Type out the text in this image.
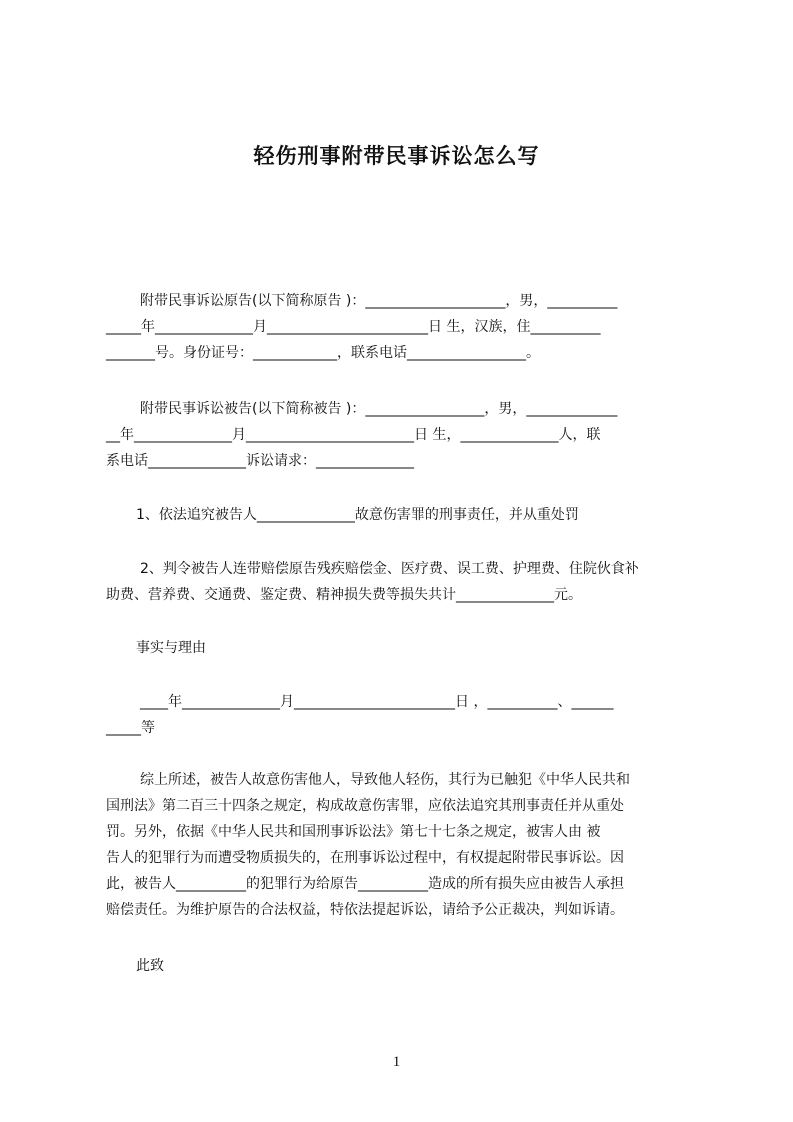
轻伤刑事附带民事诉讼怎么写
附带民事诉讼原告(以下简称原告 )：____________________，男，__________
_____年______________月_______________________日 生，汉族，住__________
_______号。身份证号：____________，联系电话_________________。
附带民事诉讼被告(以下简称被告 )：_________________，男，_____________
__年______________月________________________日 生，______________人，联
系电话______________诉讼请求：______________
1、依法追究被告人______________故意伤害罪的刑事责任，并从重处罚
2、判令被告人连带赔偿原告残疾赔偿金、医疗费、误工费、护理费、住院伙食补
助费、营养费、交通费、鉴定费、精神损失费等损失共计______________元。
事实与理由
____年______________月_______________________日 ，__________、______
_____等
综上所述，被告人故意伤害他人，导致他人轻伤，其行为已触犯《中华人民共和
国刑法》第二百三十四条之规定，构成故意伤害罪，应依法追究其刑事责任并从重处
罚。另外，依据《中华人民共和国刑事诉讼法》第七十七条之规定，被害人由 被
告人的犯罪行为而遭受物质损失的，在刑事诉讼过程中，有权提起附带民事诉讼。因
此，被告人__________的犯罪行为给原告__________造成的所有损失应由被告人承担
赔偿责任。为维护原告的合法权益，特依法提起诉讼，请给予公正裁决，判如诉请。
此致
1
